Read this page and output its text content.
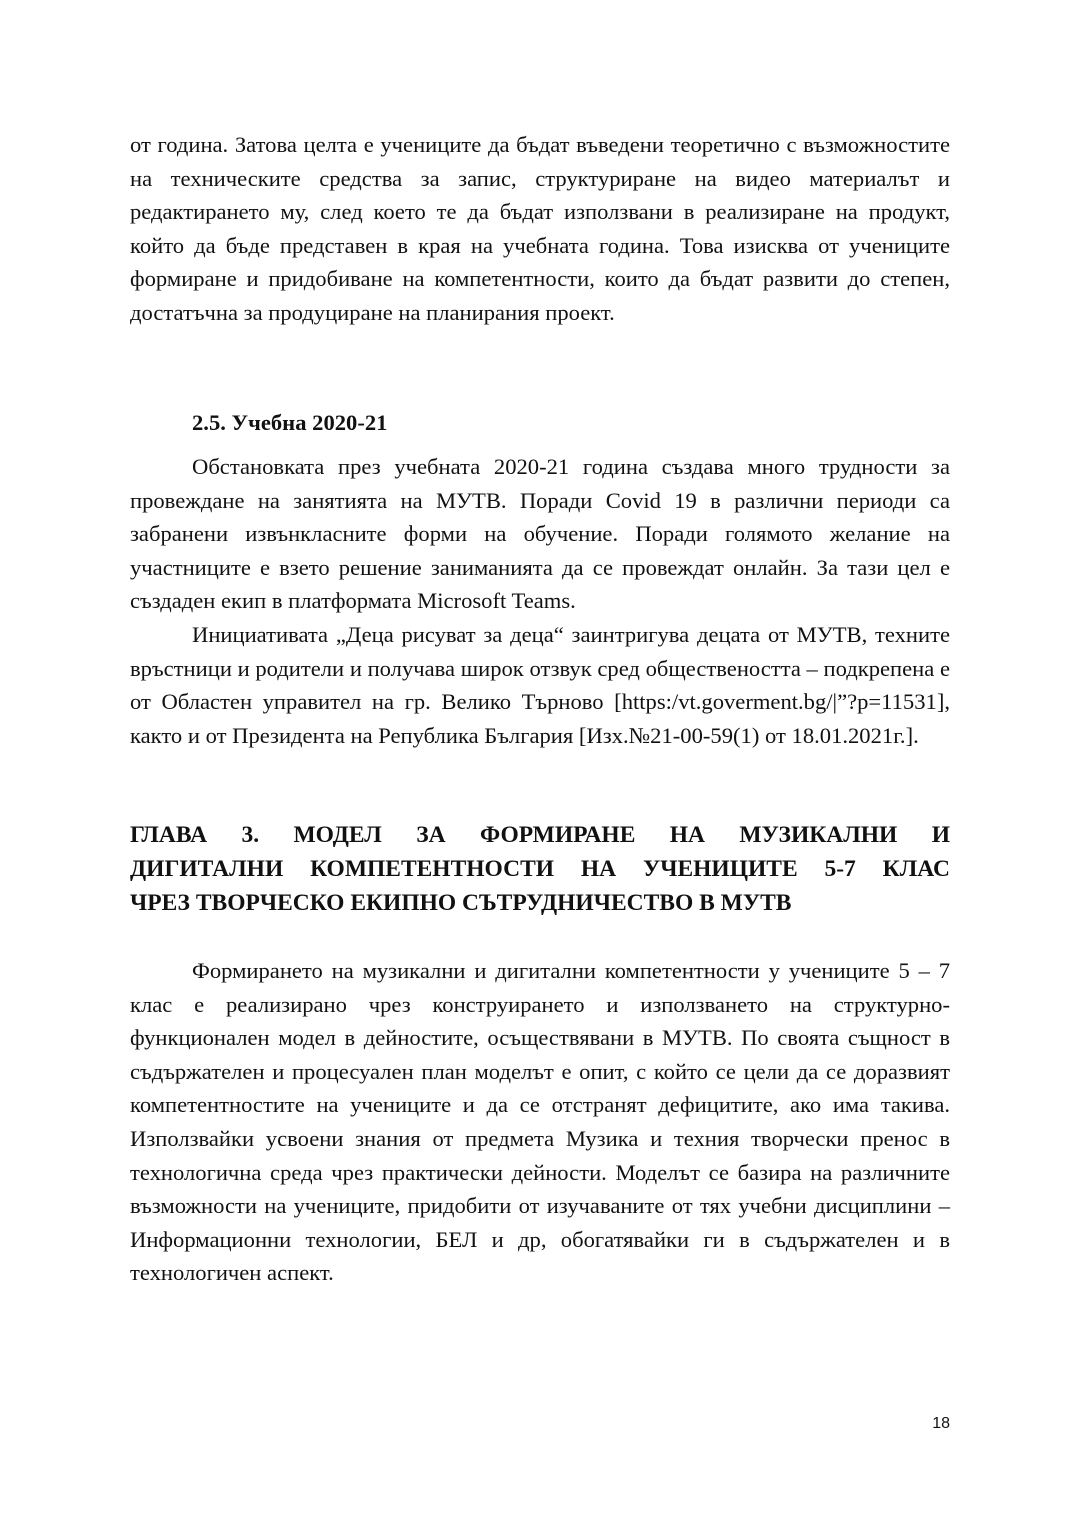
от година. Затова целта е учениците да бъдат въведени теоретично с възможностите на техническите средства за запис, структуриране на видео материалът и редактирането му, след което те да бъдат използвани в реализиране на продукт, който да бъде представен в края на учебната година. Това изисква от учениците формиране и придобиване на компетентности, които да бъдат развити до степен, достатъчна за продуциране на планирания проект.

2.5. Учебна 2020-21

Обстановката през учебната 2020-21 година създава много трудности за провеждане на занятията на МУТВ. Поради Covid 19 в различни периоди са забранени извънкласните форми на обучение. Поради голямото желание на участниците е взето решение заниманията да се провеждат онлайн. За тази цел е създаден екип в платформата Microsoft Teams.

Инициативата „Деца рисуват за деца“ заинтригува децата от МУТВ, техните връстници и родители и получава широк отзвук сред обществеността – подкрепена е от Областен управител на гр. Велико Търново [https:/vt.goverment.bg/|”?p=11531], както и от Президента на Република България [Изх.№21-00-59(1) от 18.01.2021г.].

ГЛАВА 3. МОДЕЛ ЗА ФОРМИРАНЕ НА МУЗИКАЛНИ И
ДИГИТАЛНИ КОМПЕТЕНТНОСТИ НА УЧЕНИЦИТЕ 5-7 КЛАС
ЧРЕЗ ТВОРЧЕСКО ЕКИПНО СЪТРУДНИЧЕСТВО В МУТВ

Формирането на музикални и дигитални компетентности у учениците 5 – 7 клас е реализирано чрез конструирането и използването на структурно-функционален модел в дейностите, осъществявани в МУТВ. По своята същност в съдържателен и процесуален план моделът е опит, с който се цели да се доразвият компетентностите на учениците и да се отстранят дефицитите, ако има такива. Използвайки усвоени знания от предмета Музика и техния творчески пренос в технологична среда чрез практически дейности. Моделът се базира на различните възможности на учениците, придобити от изучаваните от тях учебни дисциплини – Информационни технологии, БЕЛ и др, обогатявайки ги в съдържателен и в технологичен аспект.

18
